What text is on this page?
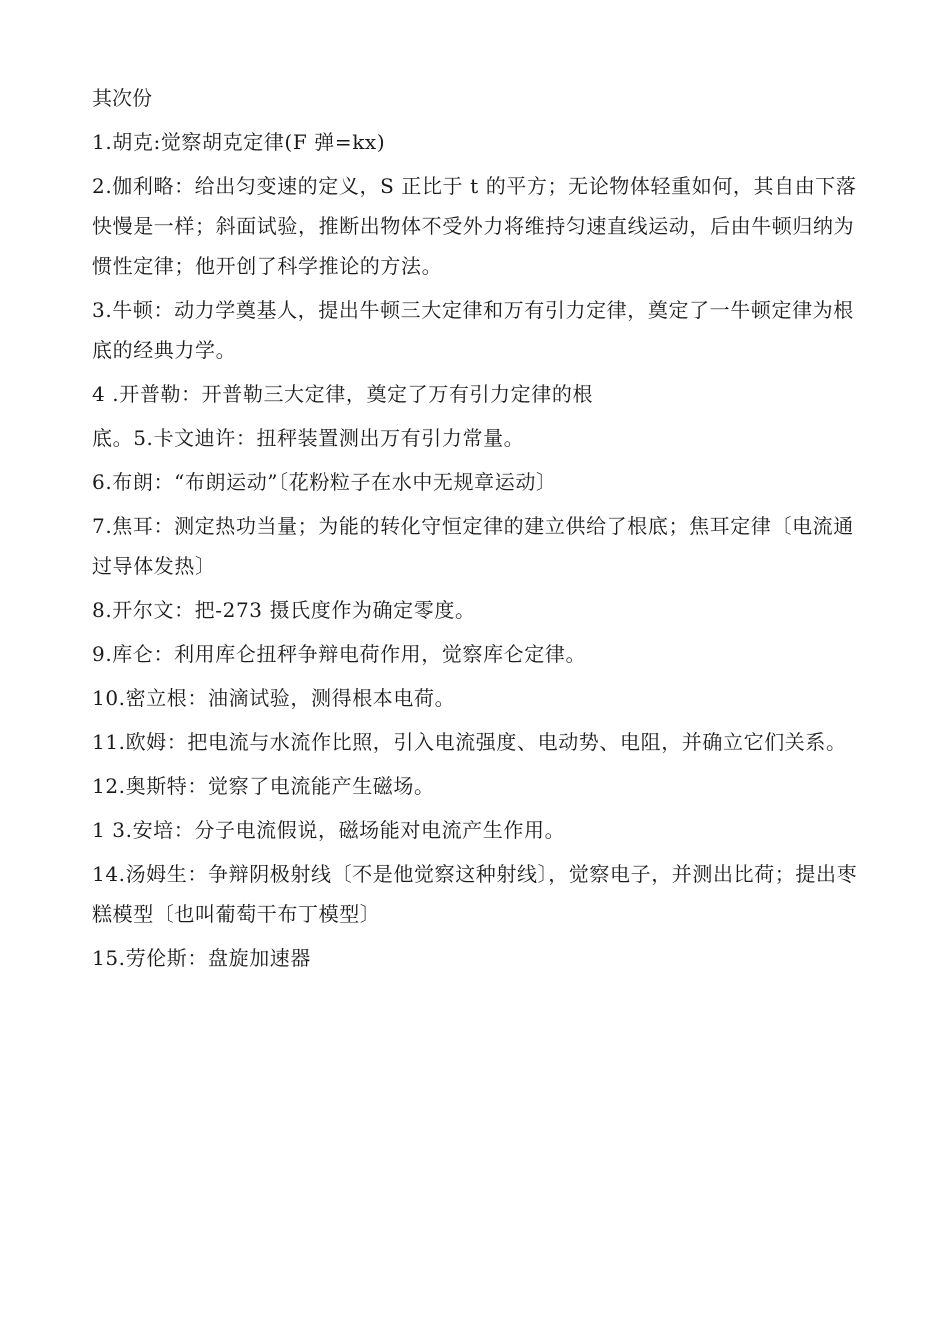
其次份
1.胡克:觉察胡克定律(F 弹=kx)
2.伽利略：给出匀变速的定义，S 正比于 t 的平方；无论物体轻重如何，其自由下落快慢是一样；斜面试验，推断出物体不受外力将维持匀速直线运动，后由牛顿归纳为惯性定律；他开创了科学推论的方法。
3.牛顿：动力学奠基人，提出牛顿三大定律和万有引力定律，奠定了一牛顿定律为根底的经典力学。
4 .开普勒：开普勒三大定律，奠定了万有引力定律的根
底。5.卡文迪许：扭秤装置测出万有引力常量。
6.布朗：“布朗运动”〔花粉粒子在水中无规章运动〕
7.焦耳：测定热功当量；为能的转化守恒定律的建立供给了根底；焦耳定律〔电流通过导体发热〕
8.开尔文：把-273 摄氏度作为确定零度。
9.库仑：利用库仑扭秤争辩电荷作用，觉察库仑定律。
10.密立根：油滴试验，测得根本电荷。
11.欧姆：把电流与水流作比照，引入电流强度、电动势、电阻，并确立它们关系。
12.奥斯特：觉察了电流能产生磁场。
1 3.安培：分子电流假说，磁场能对电流产生作用。
14.汤姆生：争辩阴极射线〔不是他觉察这种射线〕，觉察电子，并测出比荷；提出枣糕模型〔也叫葡萄干布丁模型〕
15.劳伦斯：盘旋加速器
